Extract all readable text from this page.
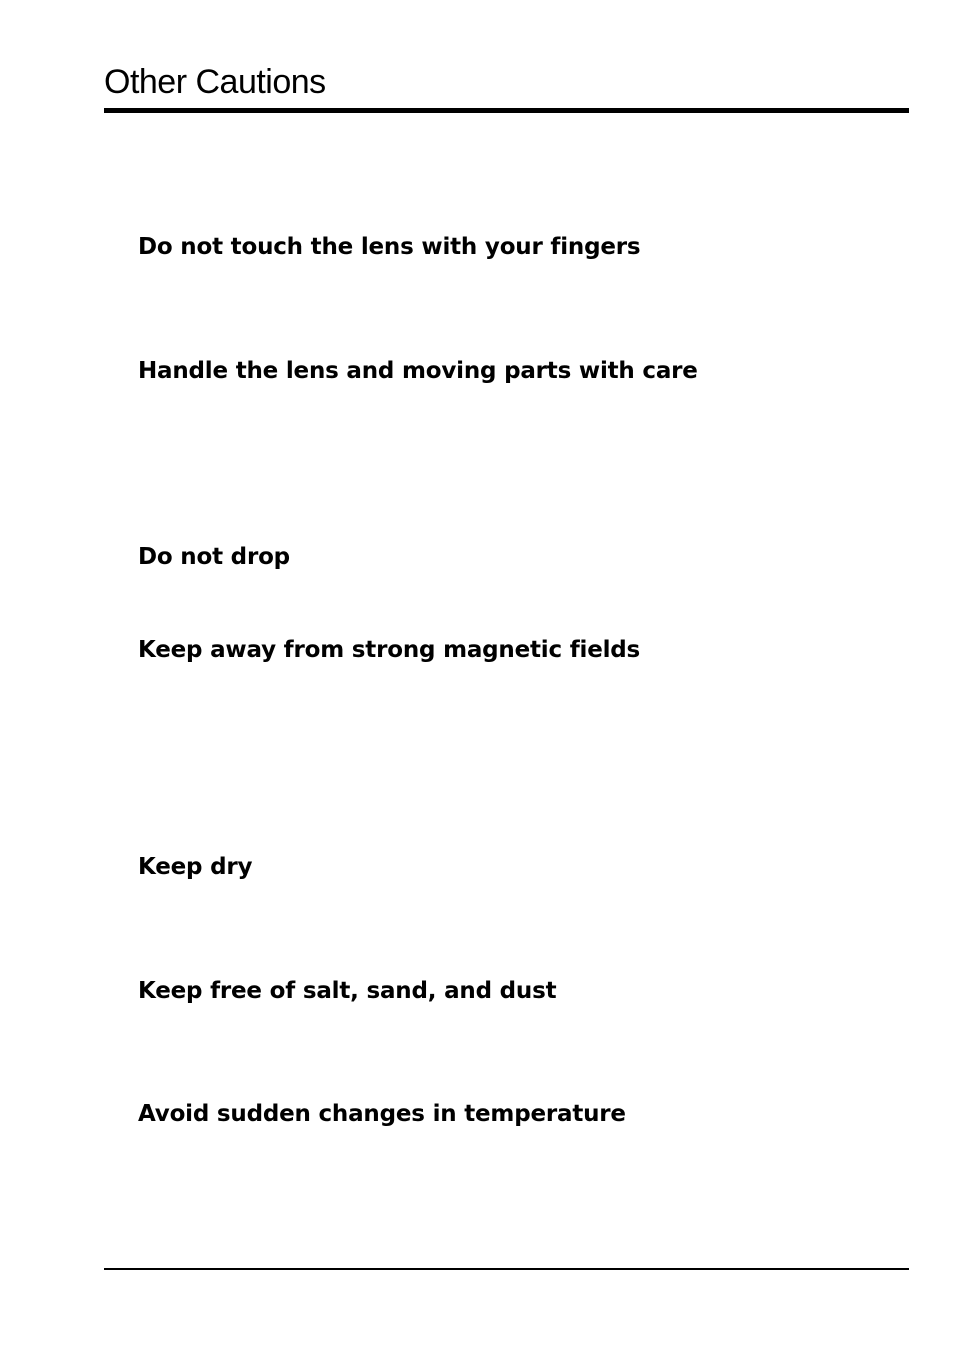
Other Cautions
Do not touch the lens with your fingers
Handle the lens and moving parts with care
Do not drop
Keep away from strong magnetic fields
Keep dry
Keep free of salt, sand, and dust
Avoid sudden changes in temperature
